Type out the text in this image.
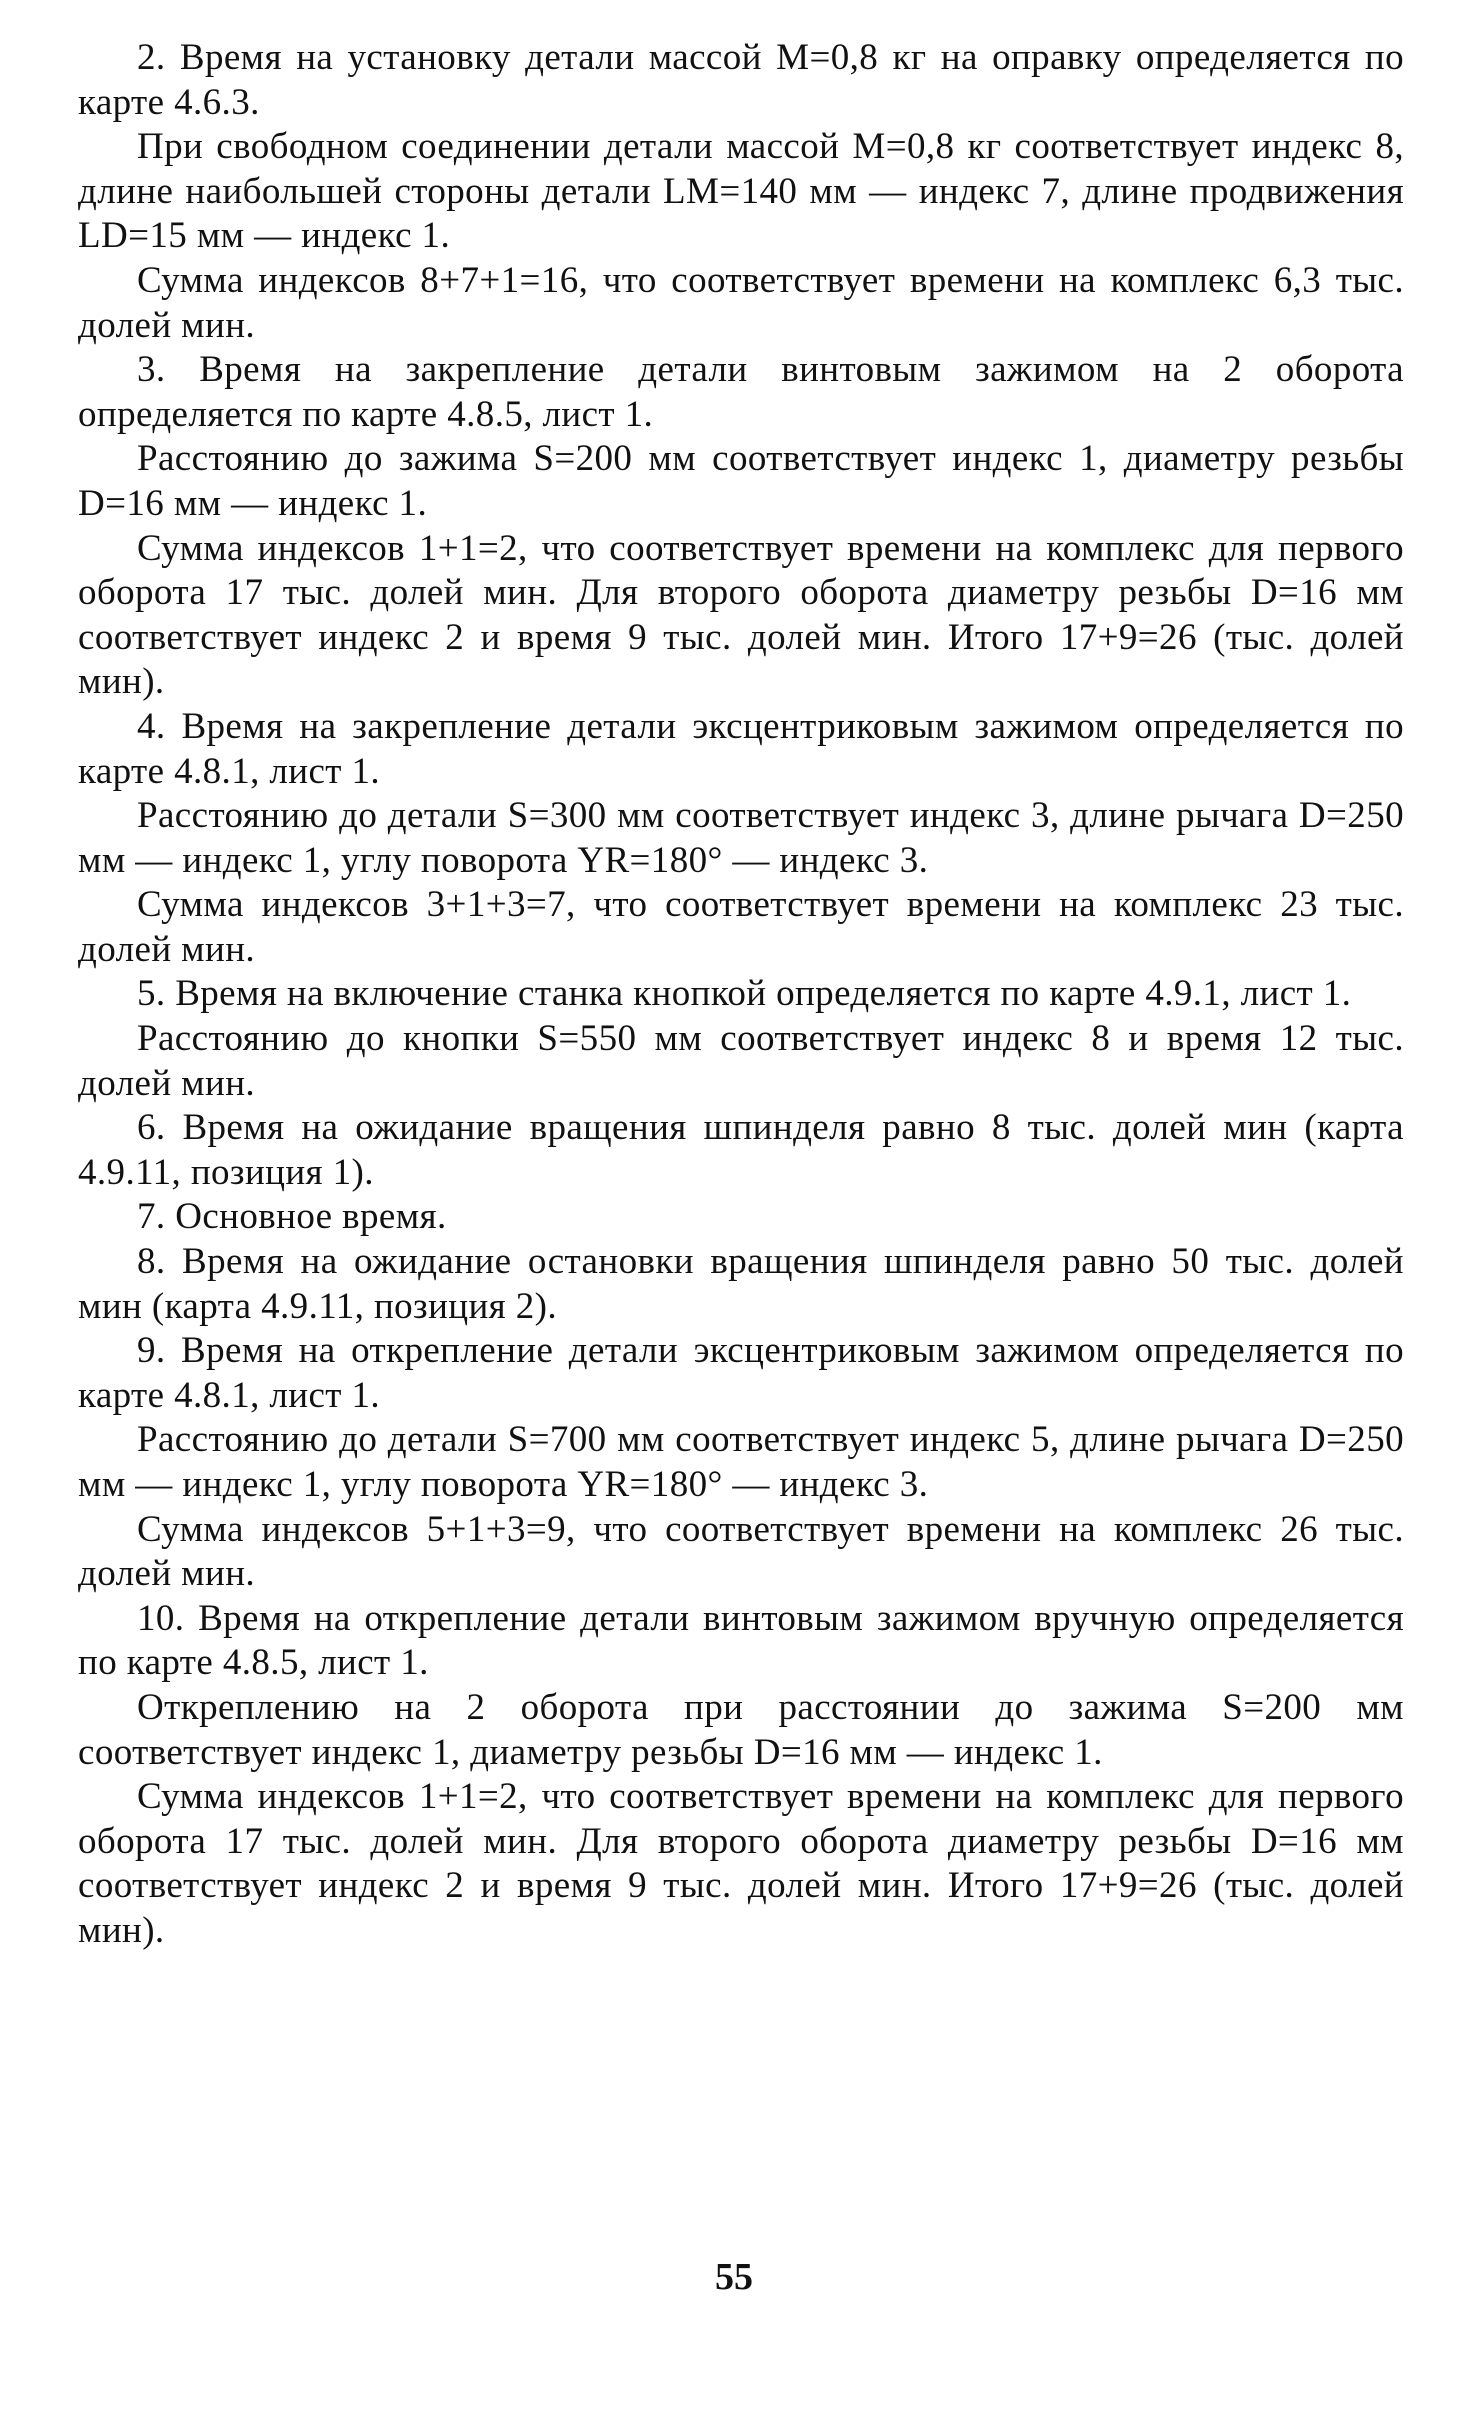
2. Время на установку детали массой M=0,8 кг на оправку определяется по карте 4.6.3.

При свободном соединении детали массой M=0,8 кг соответствует индекс 8, длине наибольшей стороны детали LM=140 мм — индекс 7, длине продвижения LD=15 мм — индекс 1.

Сумма индексов 8+7+1=16, что соответствует времени на комплекс 6,3 тыс. долей мин.

3. Время на закрепление детали винтовым зажимом на 2 оборота определяется по карте 4.8.5, лист 1.

Расстоянию до зажима S=200 мм соответствует индекс 1, диаметру резьбы D=16 мм — индекс 1.

Сумма индексов 1+1=2, что соответствует времени на комплекс для первого оборота 17 тыс. долей мин. Для второго оборота диаметру резьбы D=16 мм соответствует индекс 2 и время 9 тыс. долей мин. Итого 17+9=26 (тыс. долей мин).

4. Время на закрепление детали эксцентриковым зажимом определяется по карте 4.8.1, лист 1.

Расстоянию до детали S=300 мм соответствует индекс 3, длине рычага D=250 мм — индекс 1, углу поворота YR=180° — индекс 3.

Сумма индексов 3+1+3=7, что соответствует времени на комплекс 23 тыс. долей мин.

5. Время на включение станка кнопкой определяется по карте 4.9.1, лист 1.

Расстоянию до кнопки S=550 мм соответствует индекс 8 и время 12 тыс. долей мин.

6. Время на ожидание вращения шпинделя равно 8 тыс. долей мин (карта 4.9.11, позиция 1).

7. Основное время.

8. Время на ожидание остановки вращения шпинделя равно 50 тыс. долей мин (карта 4.9.11, позиция 2).

9. Время на открепление детали эксцентриковым зажимом определяется по карте 4.8.1, лист 1.

Расстоянию до детали S=700 мм соответствует индекс 5, длине рычага D=250 мм — индекс 1, углу поворота YR=180° — индекс 3.

Сумма индексов 5+1+3=9, что соответствует времени на комплекс 26 тыс. долей мин.

10. Время на открепление детали винтовым зажимом вручную определяется по карте 4.8.5, лист 1.

Откреплению на 2 оборота при расстоянии до зажима S=200 мм соответствует индекс 1, диаметру резьбы D=16 мм — индекс 1.

Сумма индексов 1+1=2, что соответствует времени на комплекс для первого оборота 17 тыс. долей мин. Для второго оборота диаметру резьбы D=16 мм соответствует индекс 2 и время 9 тыс. долей мин. Итого 17+9=26 (тыс. долей мин).

55
